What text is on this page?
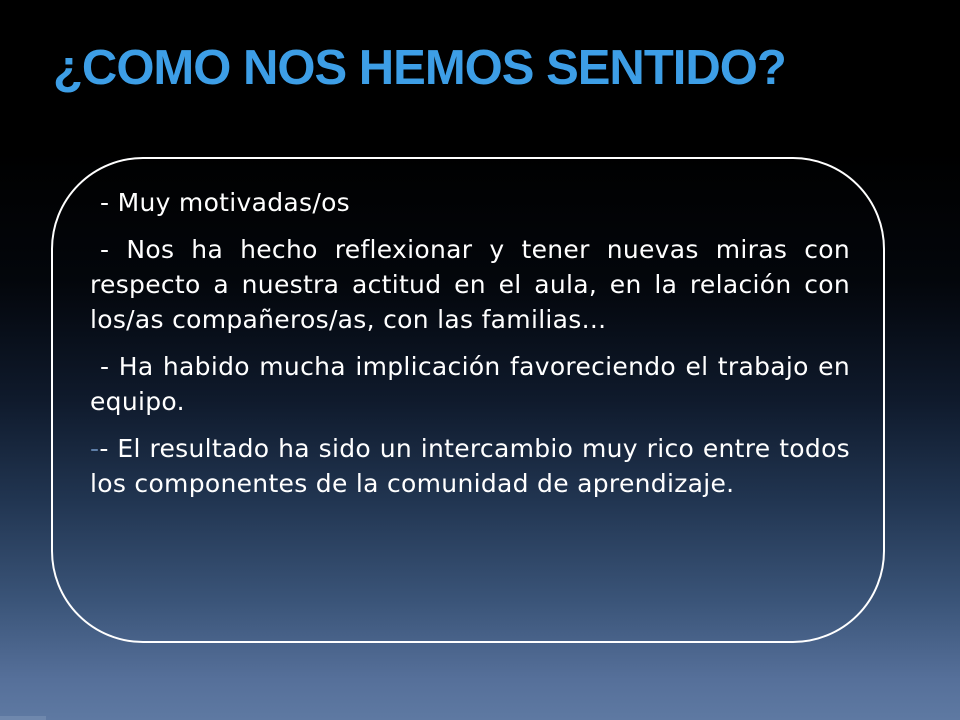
¿COMO NOS HEMOS SENTIDO?

- Muy motivadas/os

- Nos ha hecho reflexionar y tener nuevas miras con respecto a nuestra actitud en el aula, en la relación con los/as compañeros/as, con las familias...

- Ha habido mucha implicación favoreciendo el trabajo en equipo.

-- El resultado ha sido un intercambio muy rico entre todos los componentes de la comunidad de aprendizaje.
